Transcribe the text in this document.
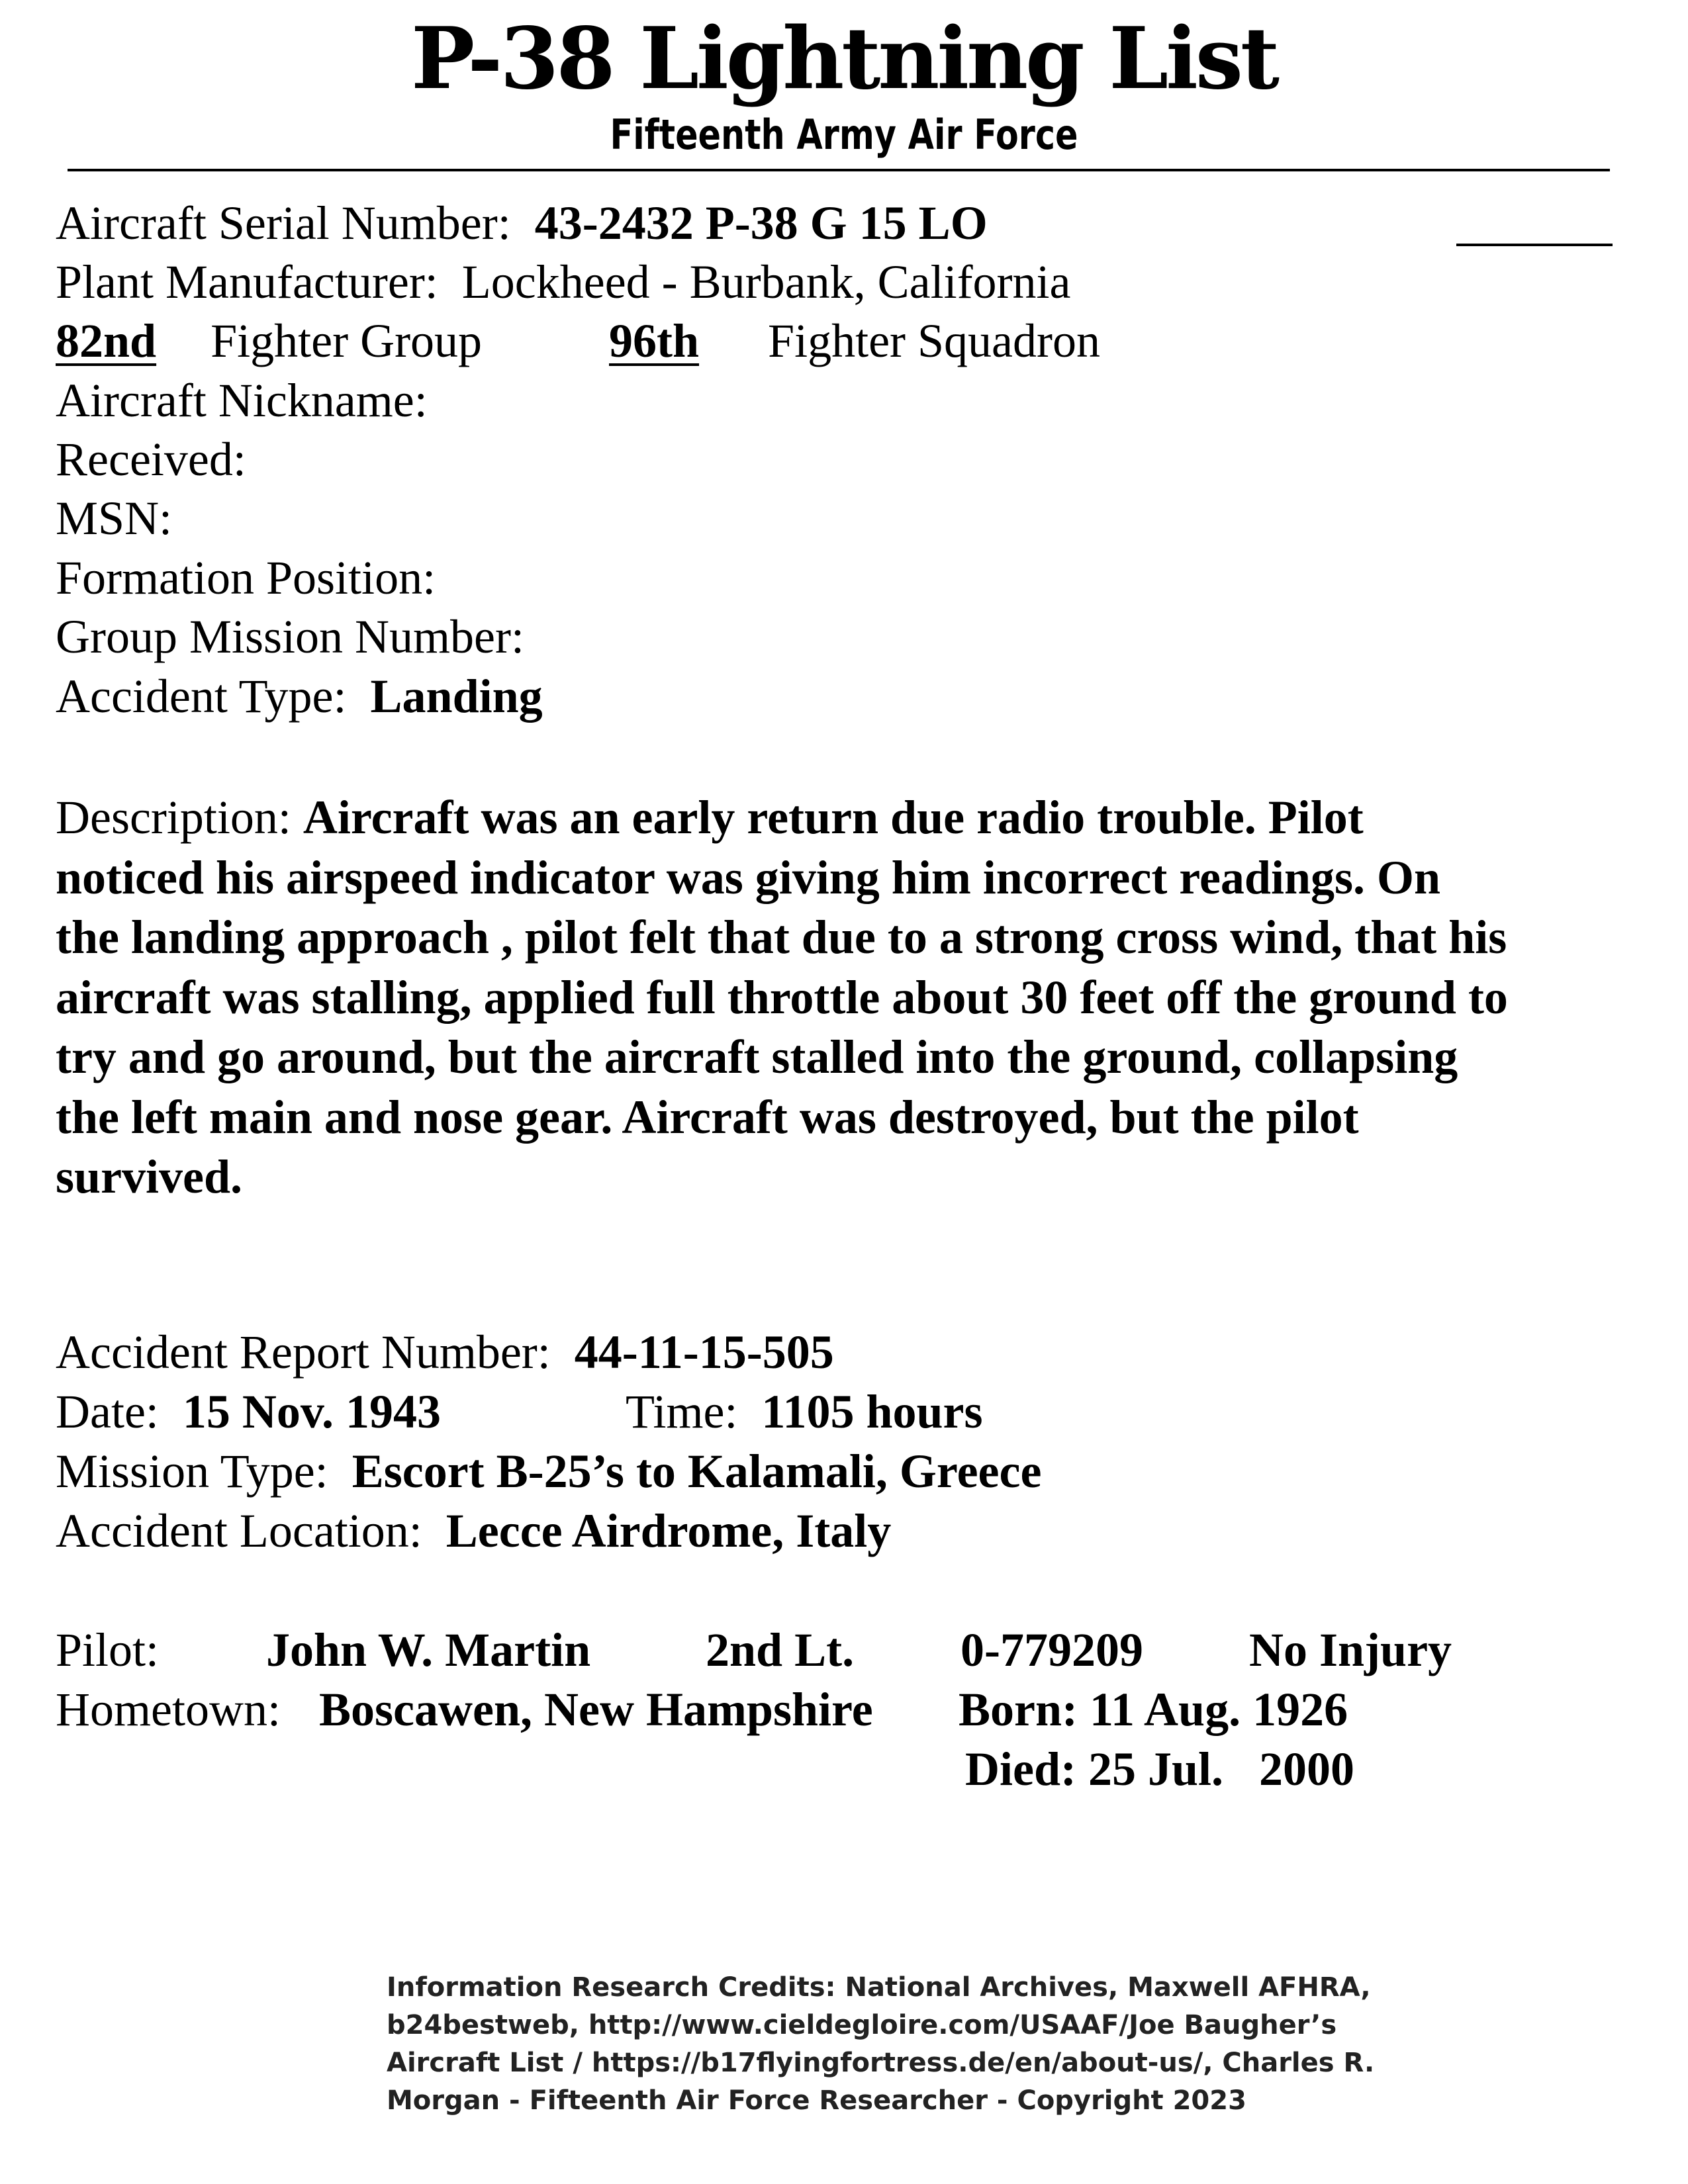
P-38 Lightning List
Fifteenth Army Air Force
Aircraft Serial Number: 43-2432 P-38 G 15 LO
Plant Manufacturer: Lockheed - Burbank, California
82nd Fighter Group	96th Fighter Squadron
Aircraft Nickname:
Received:
MSN:
Formation Position:
Group Mission Number:
Accident Type: Landing
Description: Aircraft was an early return due radio trouble. Pilot noticed his airspeed indicator was giving him incorrect readings. On the landing approach , pilot felt that due to a strong cross wind, that his aircraft was stalling, applied full throttle about 30 feet off the ground to try and go around, but the aircraft stalled into the ground, collapsing the left main and nose gear. Aircraft was destroyed, but the pilot survived.
Accident Report Number: 44-11-15-505
Date: 15 Nov. 1943	Time: 1105 hours
Mission Type: Escort B-25’s to Kalamali, Greece
Accident Location: Lecce Airdrome, Italy
Pilot: John W. Martin 2nd Lt. 0-779209 No Injury
Hometown: Boscawen, New Hampshire Born: 11 Aug. 1926
Died: 25 Jul.   2000
Information Research Credits: National Archives, Maxwell AFHRA,
b24bestweb, http://www.cieldegloire.com/USAAF/Joe Baugher’s
Aircraft List / https://b17flyingfortress.de/en/about-us/, Charles R.
Morgan - Fifteenth Air Force Researcher - Copyright 2023
